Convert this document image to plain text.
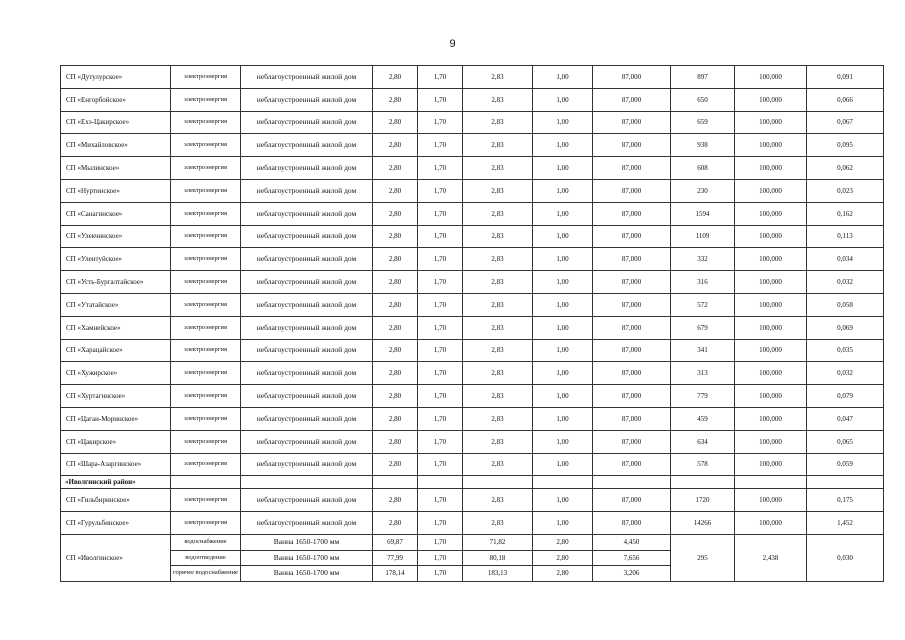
9
СП «Дутулурское»	электроэнергия	неблагоустроенный жилой дом	2,80	1,70	2,83	1,00	87,000	897	100,000	0,091
СП «Енгорбойское»	электроэнергия	неблагоустроенный жилой дом	2,80	1,70	2,83	1,00	87,000	650	100,000	0,066
СП «Ехэ-Цакирское»	электроэнергия	неблагоустроенный жилой дом	2,80	1,70	2,83	1,00	87,000	659	100,000	0,067
СП «Михайловское»	электроэнергия	неблагоустроенный жилой дом	2,80	1,70	2,83	1,00	87,000	938	100,000	0,095
СП «Мылинское»	электроэнергия	неблагоустроенный жилой дом	2,80	1,70	2,83	1,00	87,000	608	100,000	0,062
СП «Нуртинское»	электроэнергия	неблагоустроенный жилой дом	2,80	1,70	2,83	1,00	87,000	230	100,000	0,023
СП «Санагинское»	электроэнергия	неблагоустроенный жилой дом	2,80	1,70	2,83	1,00	87,000	1594	100,000	0,162
СП «Улекчинское»	электроэнергия	неблагоустроенный жилой дом	2,80	1,70	2,83	1,00	87,000	1109	100,000	0,113
СП «Улентуйское»	электроэнергия	неблагоустроенный жилой дом	2,80	1,70	2,83	1,00	87,000	332	100,000	0,034
СП «Усть-Бургалтайское»	электроэнергия	неблагоустроенный жилой дом	2,80	1,70	2,83	1,00	87,000	316	100,000	0,032
СП «Утатайское»	электроэнергия	неблагоустроенный жилой дом	2,80	1,70	2,83	1,00	87,000	572	100,000	0,058
СП «Хамнейское»	электроэнергия	неблагоустроенный жилой дом	2,80	1,70	2,83	1,00	87,000	679	100,000	0,069
СП «Харацайское»	электроэнергия	неблагоустроенный жилой дом	2,80	1,70	2,83	1,00	87,000	341	100,000	0,035
СП «Хужирское»	электроэнергия	неблагоустроенный жилой дом	2,80	1,70	2,83	1,00	87,000	313	100,000	0,032
СП «Хуртагинское»	электроэнергия	неблагоустроенный жилой дом	2,80	1,70	2,83	1,00	87,000	779	100,000	0,079
СП «Цаган-Моринское»	электроэнергия	неблагоустроенный жилой дом	2,80	1,70	2,83	1,00	87,000	459	100,000	0,047
СП «Цакирское»	электроэнергия	неблагоустроенный жилой дом	2,80	1,70	2,83	1,00	87,000	634	100,000	0,065
СП «Шара-Азаргинское»	электроэнергия	неблагоустроенный жилой дом	2,80	1,70	2,83	1,00	87,000	578	100,000	0,059
«Иволгинский район»										
СП «Гильбиринское»	электроэнергия	неблагоустроенный жилой дом	2,80	1,70	2,83	1,00	87,000	1720	100,000	0,175
СП «Гурульбинское»	электроэнергия	неблагоустроенный жилой дом	2,80	1,70	2,83	1,00	87,000	14266	100,000	1,452
СП «Иволгинское»	водоснабжение	Ванна 1650-1700 мм	69,87	1,70	71,82	2,80	4,450	295	2,438	0,030
	водоотведение	Ванна 1650-1700 мм	77,99	1,70	80,18	2,80	7,656			
	горячее водоснабжение	Ванна 1650-1700 мм	178,14	1,70	183,13	2,80	3,206			
